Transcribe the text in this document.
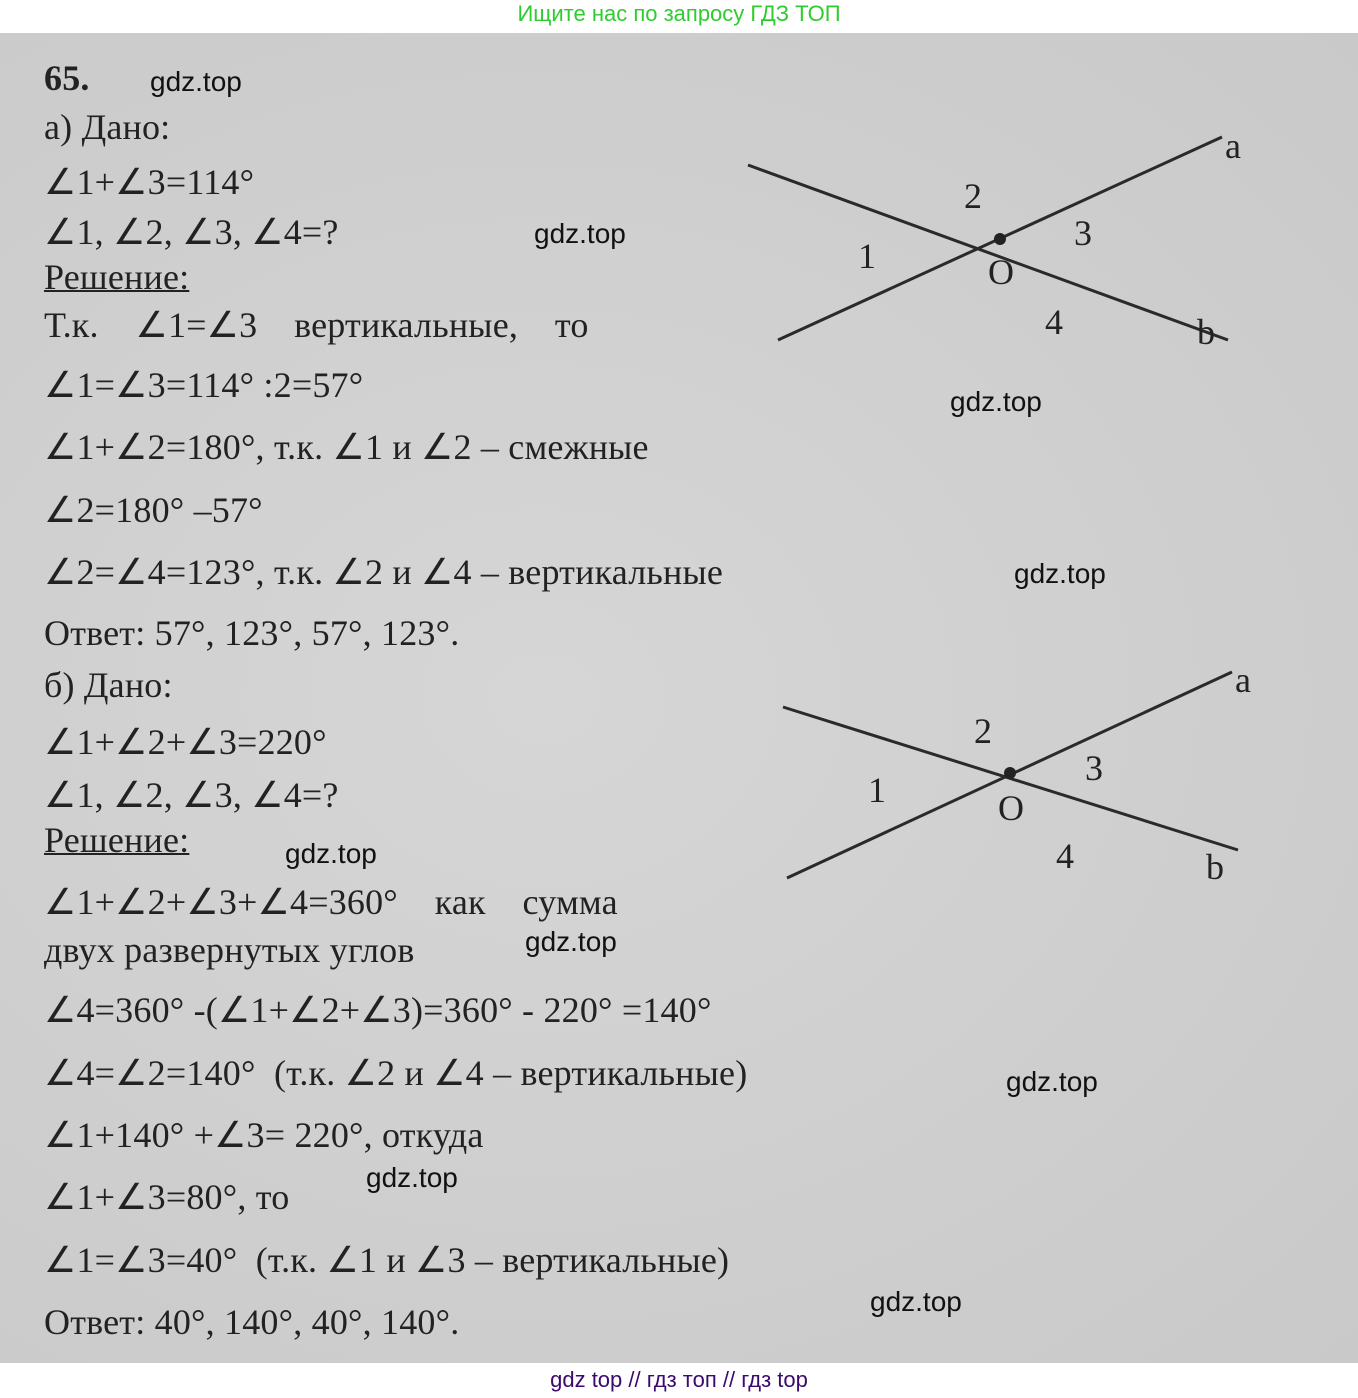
Ищите нас по запросу ГДЗ ТОП
65.
а) Дано:
∠1+∠3=114°
∠1, ∠2, ∠3, ∠4=?
Решение:
Т.к.    ∠1=∠3    вертикальные,    то
∠1=∠3=114° :2=57°
∠1+∠2=180°, т.к. ∠1 и ∠2 – смежные
∠2=180° –57°
∠2=∠4=123°, т.к. ∠2 и ∠4 – вертикальные
Ответ: 57°, 123°, 57°, 123°.
б) Дано:
∠1+∠2+∠3=220°
∠1, ∠2, ∠3, ∠4=?
Решение:
∠1+∠2+∠3+∠4=360°    как    сумма
двух развернутых углов
∠4=360° -(∠1+∠2+∠3)=360° - 220° =140°
∠4=∠2=140°  (т.к. ∠2 и ∠4 – вертикальные)
∠1+140° +∠3= 220°, откуда
∠1+∠3=80°, то
∠1=∠3=40°  (т.к. ∠1 и ∠3 – вертикальные)
Ответ: 40°, 140°, 40°, 140°.
a
2
3
1	O
4	b
a
2
3
1	O
4	b
gdz.top
gdz.top
gdz.top
gdz.top
gdz.top
gdz.top
gdz.top
gdz.top
gdz.top
gdz top // гдз топ // гдз top
